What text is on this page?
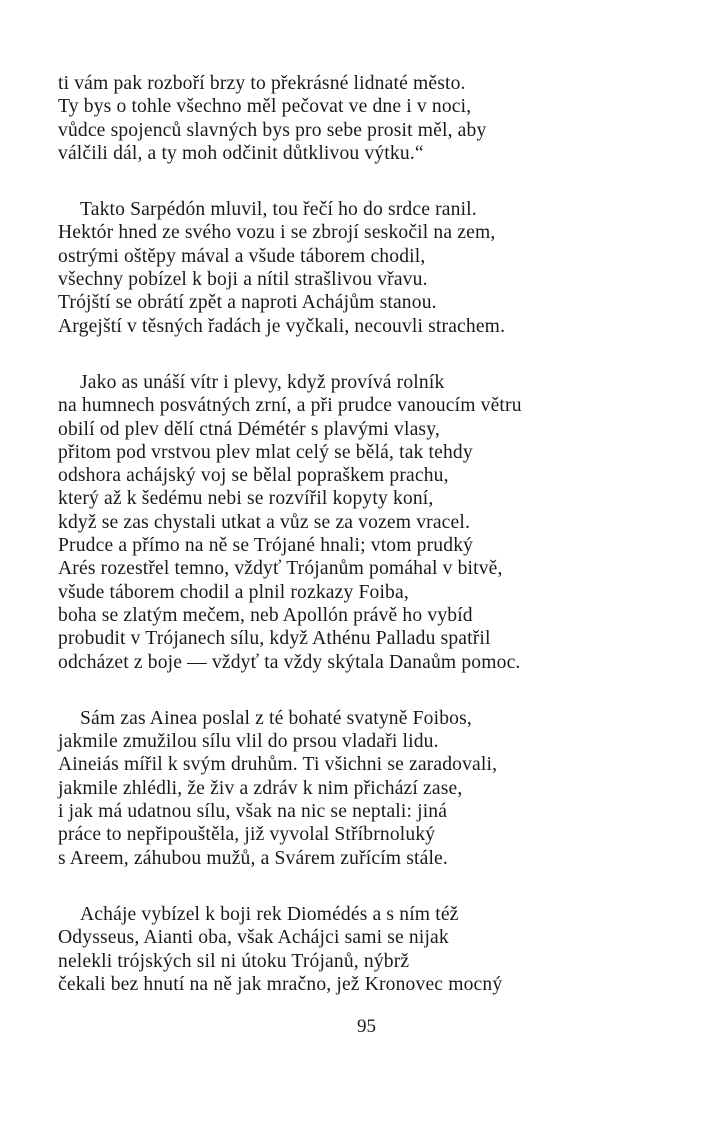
ti vám pak rozboří brzy to překrásné lidnaté město.
Ty bys o tohle všechno měl pečovat ve dne i v noci,
vůdce spojenců slavných bys pro sebe prosit měl, aby
válčili dál, a ty moh odčinit důtklivou výtku.“
Takto Sarpédón mluvil, tou řečí ho do srdce ranil.
Hektór hned ze svého vozu i se zbrojí seskočil na zem,
ostrými oštěpy mával a všude táborem chodil,
všechny pobízel k boji a nítil strašlivou vřavu.
Trójští se obrátí zpět a naproti Achájům stanou.
Argejští v těsných řadách je vyčkali, necouvli strachem.
Jako as unáší vítr i plevy, když provívá rolník
na humnech posvátných zrní, a při prudce vanoucím větru
obilí od plev dělí ctná Démétér s plavými vlasy,
přitom pod vrstvou plev mlat celý se bělá, tak tehdy
odshora achájský voj se bělal popraškem prachu,
který až k šedému nebi se rozvířil kopyty koní,
když se zas chystali utkat a vůz se za vozem vracel.
Prudce a přímo na ně se Trójané hnali; vtom prudký
Arés rozestřel temno, vždyť Trójanům pomáhal v bitvě,
všude táborem chodil a plnil rozkazy Foiba,
boha se zlatým mečem, neb Apollón právě ho vybíd
probudit v Trójanech sílu, když Athénu Palladu spatřil
odcházet z boje — vždyť ta vždy skýtala Danaům pomoc.
Sám zas Ainea poslal z té bohaté svatyně Foibos,
jakmile zmužilou sílu vlil do prsou vladaři lidu.
Aineiás mířil k svým druhům. Ti všichni se zaradovali,
jakmile zhlédli, že živ a zdráv k nim přichází zase,
i jak má udatnou sílu, však na nic se neptali: jiná
práce to nepřipouštěla, již vyvolal Stříbrnoluký
s Areem, záhubou mužů, a Svárem zuřícím stále.
Acháje vybízel k boji rek Diomédés a s ním též
Odysseus, Aianti oba, však Achájci sami se nijak
nelekli trójských sil ni útoku Trójanů, nýbrž
čekali bez hnutí na ně jak mračno, jež Kronovec mocný
95
